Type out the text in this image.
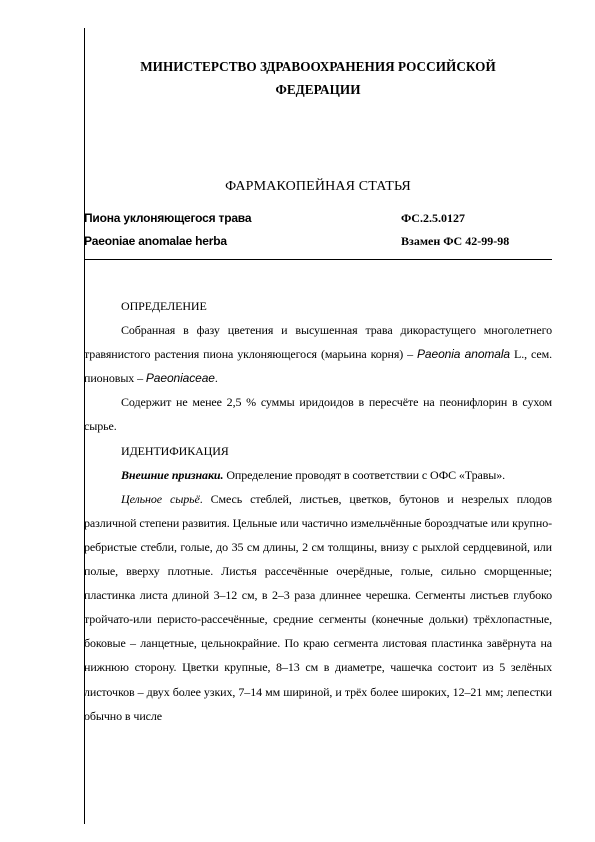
МИНИСТЕРСТВО ЗДРАВООХРАНЕНИЯ РОССИЙСКОЙ
ФЕДЕРАЦИИ
ФАРМАКОПЕЙНАЯ СТАТЬЯ
Пиона уклоняющегося трава	ФС.2.5.0127
Paeoniae anomalae herba	Взамен ФС 42-99-98

ОПРЕДЕЛЕНИЕ

Собранная в фазу цветения и высушенная трава дикорастущего многолетнего травянистого растения пиона уклоняющегося (марьина корня) – Paeonia anomala L., сем. пионовых – Paeoniaceae.

Содержит не менее 2,5 % суммы иридоидов в пересчёте на пеонифлорин в сухом сырье.

ИДЕНТИФИКАЦИЯ

Внешние признаки. Определение проводят в соответствии с ОФС «Травы».

Цельное сырьё. Смесь стеблей, листьев, цветков, бутонов и незрелых плодов различной степени развития. Цельные или частично измельчённые бороздчатые или крупно-ребристые стебли, голые, до 35 см длины, 2 см толщины, внизу с рыхлой сердцевиной, или полые, вверху плотные. Листья рассечённые очерёдные, голые, сильно сморщенные; пластинка листа длиной 3–12 см, в 2–3 раза длиннее черешка. Сегменты листьев глубоко тройчато-или перисто-рассечённые, средние сегменты (конечные дольки) трёхлопастные, боковые – ланцетные, цельнокрайние. По краю сегмента листовая пластинка завёрнута на нижнюю сторону. Цветки крупные, 8–13 см в диаметре, чашечка состоит из 5 зелёных листочков – двух более узких, 7–14 мм шириной, и трёх более широких, 12–21 мм; лепестки обычно в числе
